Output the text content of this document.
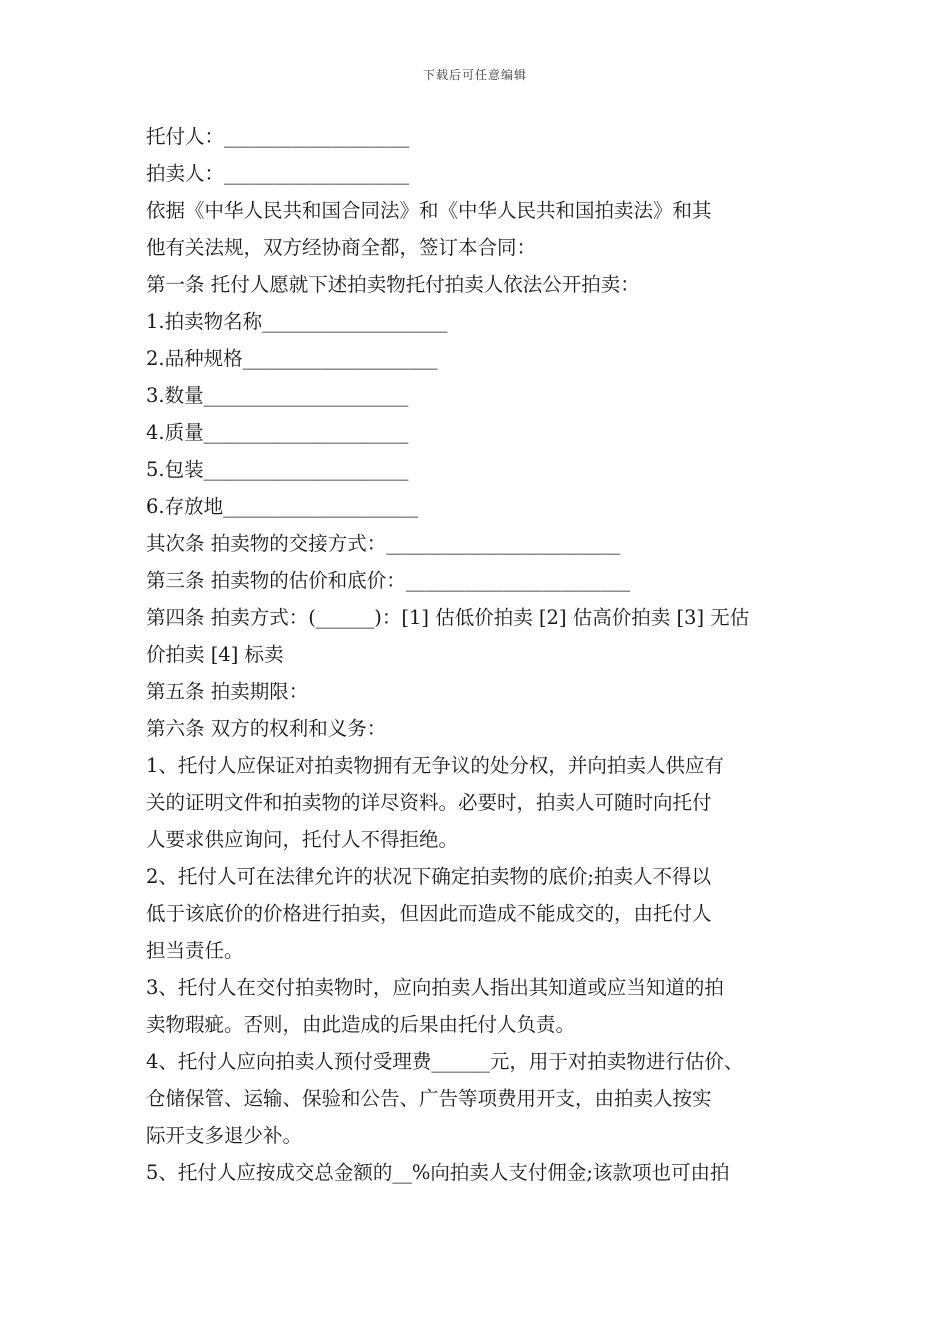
下载后可任意编辑

托付人：___________________

拍卖人：___________________

依据《中华人民共和国合同法》和《中华人民共和国拍卖法》和其

他有关法规，双方经协商全都，签订本合同：

第一条 托付人愿就下述拍卖物托付拍卖人依法公开拍卖：

1.拍卖物名称___________________

2.品种规格____________________

3.数量_____________________

4.质量_____________________

5.包装_____________________

6.存放地____________________

其次条 拍卖物的交接方式：________________________

第三条 拍卖物的估价和底价：_______________________

第四条 拍卖方式：(______)：[1] 估低价拍卖 [2] 估高价拍卖 [3] 无估

价拍卖 [4] 标卖

第五条 拍卖期限：

第六条 双方的权利和义务：

1、托付人应保证对拍卖物拥有无争议的处分权，并向拍卖人供应有

关的证明文件和拍卖物的详尽资料。必要时，拍卖人可随时向托付

人要求供应询问，托付人不得拒绝。

2、托付人可在法律允许的状况下确定拍卖物的底价;拍卖人不得以

低于该底价的价格进行拍卖，但因此而造成不能成交的，由托付人

担当责任。

3、托付人在交付拍卖物时，应向拍卖人指出其知道或应当知道的拍

卖物瑕疵。否则，由此造成的后果由托付人负责。

4、托付人应向拍卖人预付受理费______元，用于对拍卖物进行估价、

仓储保管、运输、保验和公告、广告等项费用开支，由拍卖人按实

际开支多退少补。

5、托付人应按成交总金额的__%向拍卖人支付佣金;该款项也可由拍
